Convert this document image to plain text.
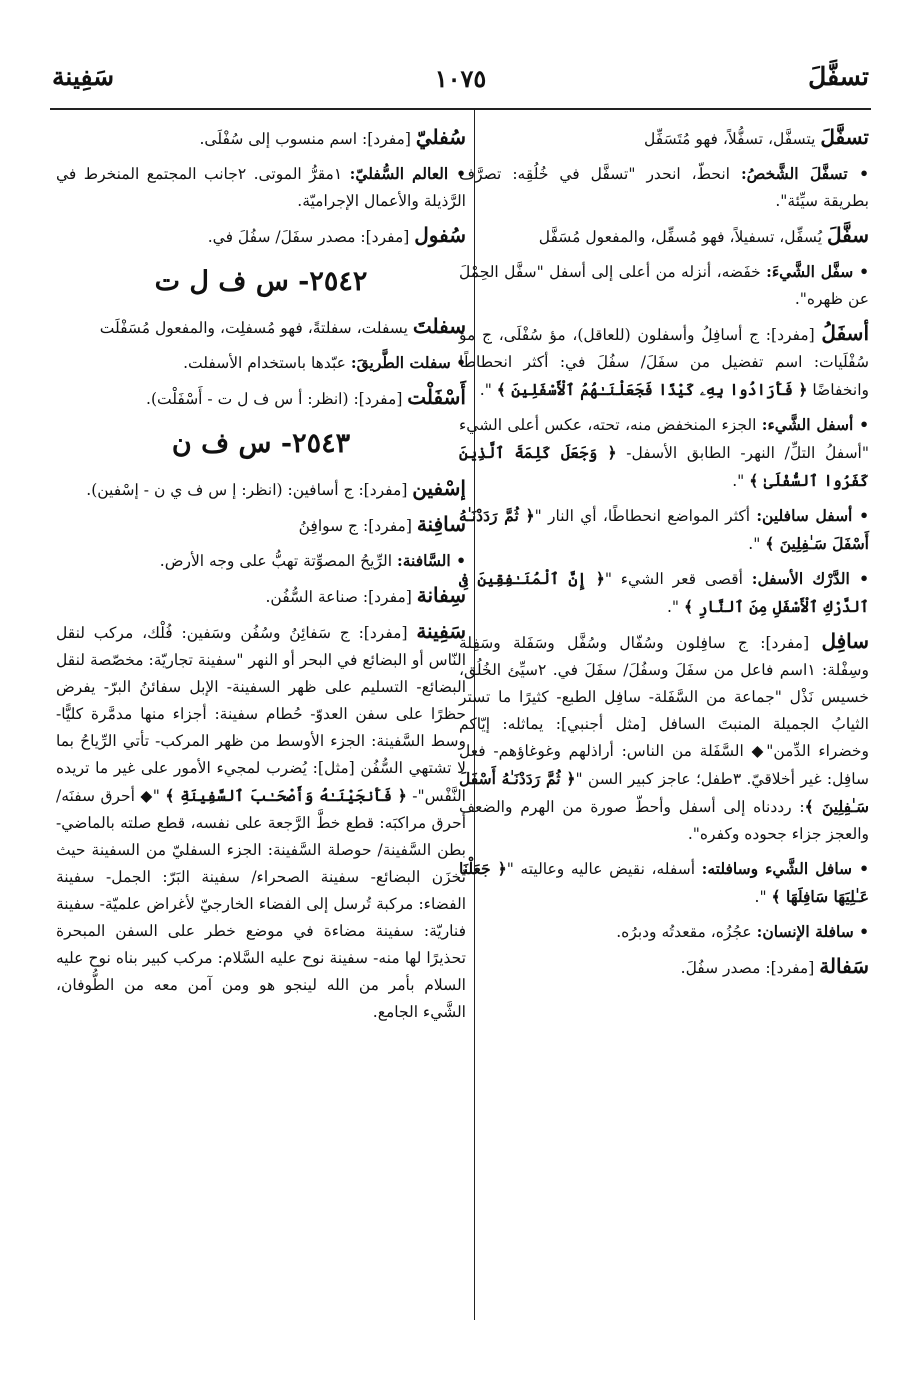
تسفَّلَ
١٠٧٥
سَفِينة
تسفَّلَ يتسفَّل، تسفُّلاً، فهو مُتَسَفِّل
• تسفَّلَ الشَّخصُ: انحطّ، انحدر "تسفَّل في خُلُقِه: تصرَّف بطريقة سيِّئة".
سفَّلَ يُسفِّل، تسفيلاً، فهو مُسفِّل، والمفعول مُسَفَّل
• سفَّل الشَّيءَ: خفَضه، أنزله من أعلى إلى أسفل "سفَّل الحِمْلَ عن ظهره".
أسفَلُ [مفرد]: ج أسافِلُ وأسفلون (للعاقل)، مؤ سُفْلَى، ج مؤ سُفْلَيات: اسم تفضيل من سفَلَ/ سفُلَ في: أكثر انحطاطًا وانخفاضًا ﴿ فَأَرَادُوا بِهِۦ كَيْدًا فَجَعَلْنَـٰهُمُ ٱلْأَسْفَلِينَ ﴾ ".
• أسفل الشَّيء: الجزء المنخفض منه، تحته، عكس أعلى الشيء "أسفلُ التلِّ/ النهر- الطابق الأسفل- ﴿ وَجَعَلَ كَلِمَةَ ٱلَّذِينَ كَفَرُوا ٱلسُّفْلَىٰ ﴾ ".
• أسفل سافلين: أكثر المواضع انحطاطًا، أي النار "﴿ ثُمَّ رَدَدْنَـٰهُ أَسْفَلَ سَـٰفِلِينَ ﴾ ".
• الدَّرْك الأسفل: أقصى قعر الشيء "﴿ إِنَّ ٱلْمُنَـٰفِقِينَ فِى ٱلدَّرْكِ ٱلْأَسْفَلِ مِنَ ٱلنَّارِ ﴾ ".
سافِل [مفرد]: ج سافِلون وسُفّال وسُفَّل وسَفَلة وسَفِلة وسِفْلة: ١اسم فاعل من سفَلَ وسفُلَ/ سفَلَ في. ٢سيِّئ الخُلُق، خسيس نَذْل "جماعة من السَّفَلة- سافِل الطبع- كثيرًا ما تستر الثيابُ الجميلة المنبتَ السافل [مثل أجنبي]: يماثله: إيّاكم وخضراء الدِّمن"◆ السَّفَلة من الناس: أراذلهم وغوغاؤهم- فعل سافِل: غير أخلاقيّ. ٣طفل؛ عاجز كبير السن "﴿ ثُمَّ رَدَدْنَـٰهُ أَسْفَلَ سَـٰفِلِينَ ﴾: رددناه إلى أسفل وأحطّ صورة من الهرم والضعف والعجز جزاء جحوده وكفره".
• سافل الشَّيء وسافلته: أسفله، نقيض عاليه وعاليته "﴿ جَعَلْنَا عَـٰلِيَهَا سَافِلَهَا ﴾ ".
• سافلة الإنسان: عجُزُه، مقعدتُه ودبرُه.
سَفالة [مفرد]: مصدر سفُلَ.
سُفليّ [مفرد]: اسم منسوب إلى سُفْلَى.
• العالم السُّفليّ: ١مقرُّ الموتى. ٢جانب المجتمع المنخرط في الرَّذيلة والأعمال الإجراميّة.
سُفول [مفرد]: مصدر سفَلَ/ سفُلَ في.
٢٥٤٢- س ف ل ت
سفلتَ يسفلت، سفلتةً، فهو مُسفلِت، والمفعول مُسَفْلَت
• سفلت الطَّريقَ: عبّدها باستخدام الأسفلت.
أَسْفَلْت [مفرد]: (انظر: أ س ف ل ت - أَسْفَلْت).
٢٥٤٣- س ف ن
إسْفين [مفرد]: ج أسافين: (انظر: إ س ف ي ن - إسْفين).
سافِنة [مفرد]: ج سوافِنُ
• السَّافنة: الرِّيحُ المصوِّتة تهبُّ على وجه الأرض.
سِفانة [مفرد]: صناعة السُّفُن.
سَفِينة [مفرد]: ج سَفائِنُ وسُفُن وسَفين: فُلْك، مركب لنقل النّاس أو البضائع في البحر أو النهر "سفينة تجاريّة: مخصّصة لنقل البضائع- التسليم على ظهر السفينة- الإبل سفائنُ البرّ- يفرض حظرًا على سفن العدوّ- حُطام سفينة: أجزاء منها مدمَّرة كليًّا- وسط السَّفينة: الجزء الأوسط من ظهر المركب- تأتي الرِّياحُ بما لا تشتهي السُّفُن [مثل]: يُضرب لمجيء الأمور على غير ما تريده النَّفْس"- ﴿ فَأَنجَيْنَـٰهُ وَأَصْحَـٰبَ ٱلسَّفِينَةِ ﴾ "◆ أحرق سفنَه/ أحرق مراكبَه: قطع خطَّ الرَّجعة على نفسه، قطع صلته بالماضي- بطن السَّفينة/ حوصلة السَّفينة: الجزء السفليّ من السفينة حيث تُخزَن البضائع- سفينة الصحراء/ سفينة البَرّ: الجمل- سفينة الفضاء: مركبة تُرسل إلى الفضاء الخارجيّ لأغراض علميّة- سفينة فناريّة: سفينة مضاءة في موضع خطر على السفن المبحرة تحذيرًا لها منه- سفينة نوح عليه السَّلام: مركب كبير بناه نوح عليه السلام بأمر من الله لينجو هو ومن آمن معه من الطُّوفان، الشَّيء الجامع.
